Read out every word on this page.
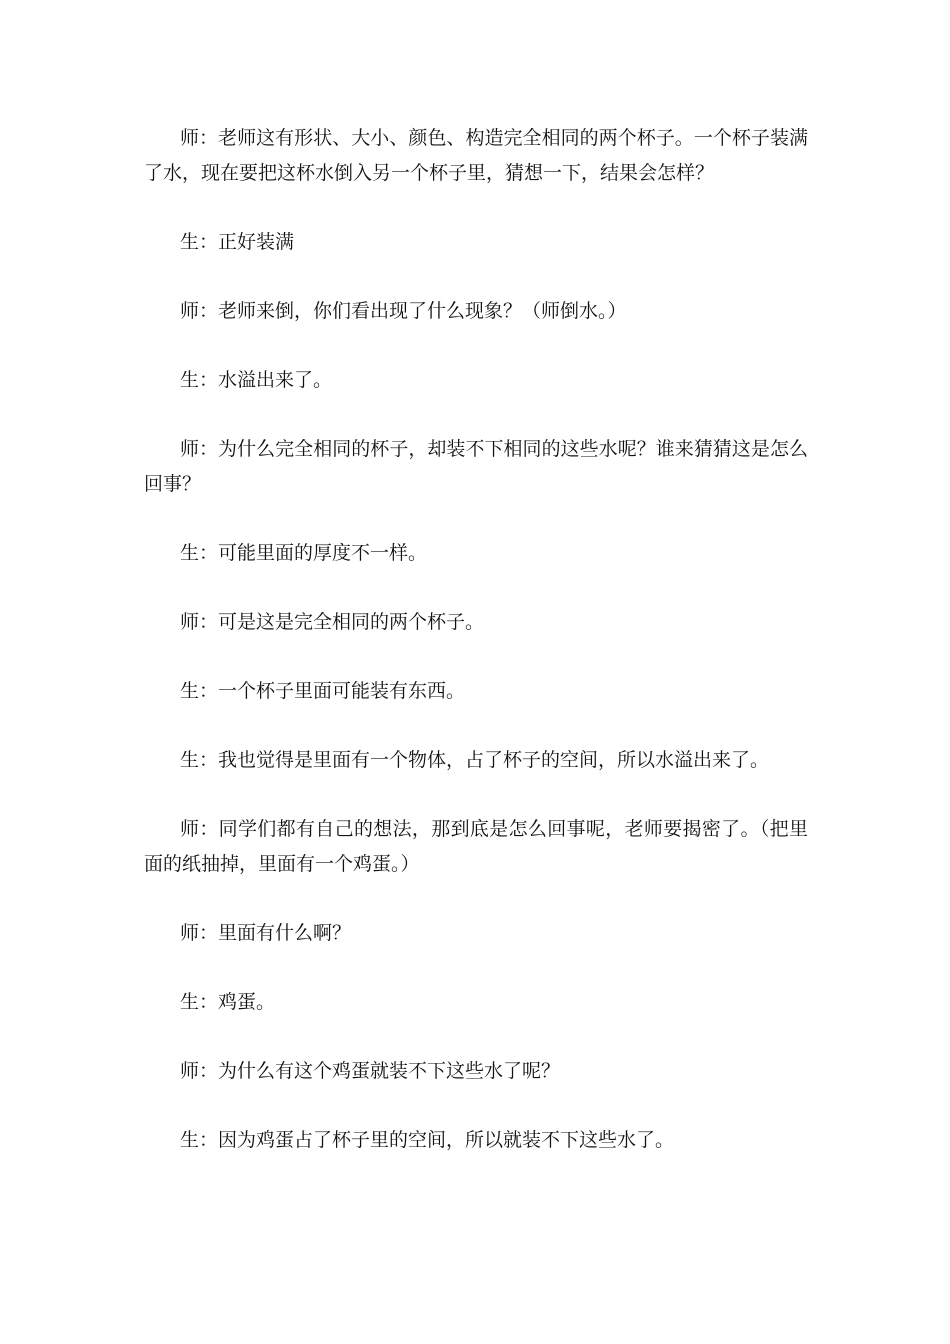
师：老师这有形状、大小、颜色、构造完全相同的两个杯子。一个杯子装满了水，现在要把这杯水倒入另一个杯子里，猜想一下，结果会怎样？

生：正好装满

师：老师来倒，你们看出现了什么现象？（师倒水。）

生：水溢出来了。

师：为什么完全相同的杯子，却装不下相同的这些水呢？谁来猜猜这是怎么回事？

生：可能里面的厚度不一样。

师：可是这是完全相同的两个杯子。

生：一个杯子里面可能装有东西。

生：我也觉得是里面有一个物体，占了杯子的空间，所以水溢出来了。

师：同学们都有自己的想法，那到底是怎么回事呢，老师要揭密了。（把里面的纸抽掉，里面有一个鸡蛋。）

师：里面有什么啊？

生：鸡蛋。

师：为什么有这个鸡蛋就装不下这些水了呢？

生：因为鸡蛋占了杯子里的空间，所以就装不下这些水了。
